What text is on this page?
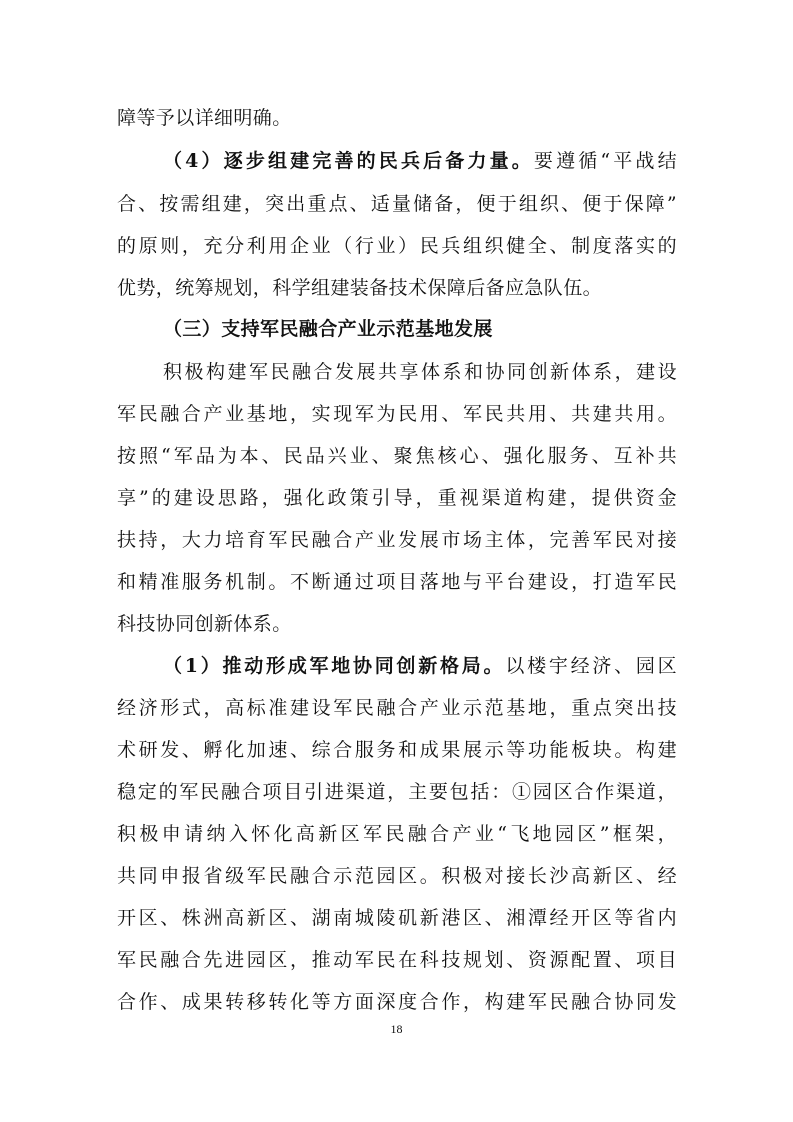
障等予以详细明确。
（4）逐步组建完善的民兵后备力量。要遵循“平战结
合、按需组建，突出重点、适量储备，便于组织、便于保障”
的原则，充分利用企业（行业）民兵组织健全、制度落实的
优势，统筹规划，科学组建装备技术保障后备应急队伍。
（三）支持军民融合产业示范基地发展
积极构建军民融合发展共享体系和协同创新体系，建设
军民融合产业基地，实现军为民用、军民共用、共建共用。
按照“军品为本、民品兴业、聚焦核心、强化服务、互补共
享”的建设思路，强化政策引导，重视渠道构建，提供资金
扶持，大力培育军民融合产业发展市场主体，完善军民对接
和精准服务机制。不断通过项目落地与平台建设，打造军民
科技协同创新体系。
（1）推动形成军地协同创新格局。以楼宇经济、园区
经济形式，高标准建设军民融合产业示范基地，重点突出技
术研发、孵化加速、综合服务和成果展示等功能板块。构建
稳定的军民融合项目引进渠道，主要包括：①园区合作渠道，
积极申请纳入怀化高新区军民融合产业“飞地园区”框架，
共同申报省级军民融合示范园区。积极对接长沙高新区、经
开区、株洲高新区、湖南城陵矶新港区、湘潭经开区等省内
军民融合先进园区，推动军民在科技规划、资源配置、项目
合作、成果转移转化等方面深度合作，构建军民融合协同发
18
